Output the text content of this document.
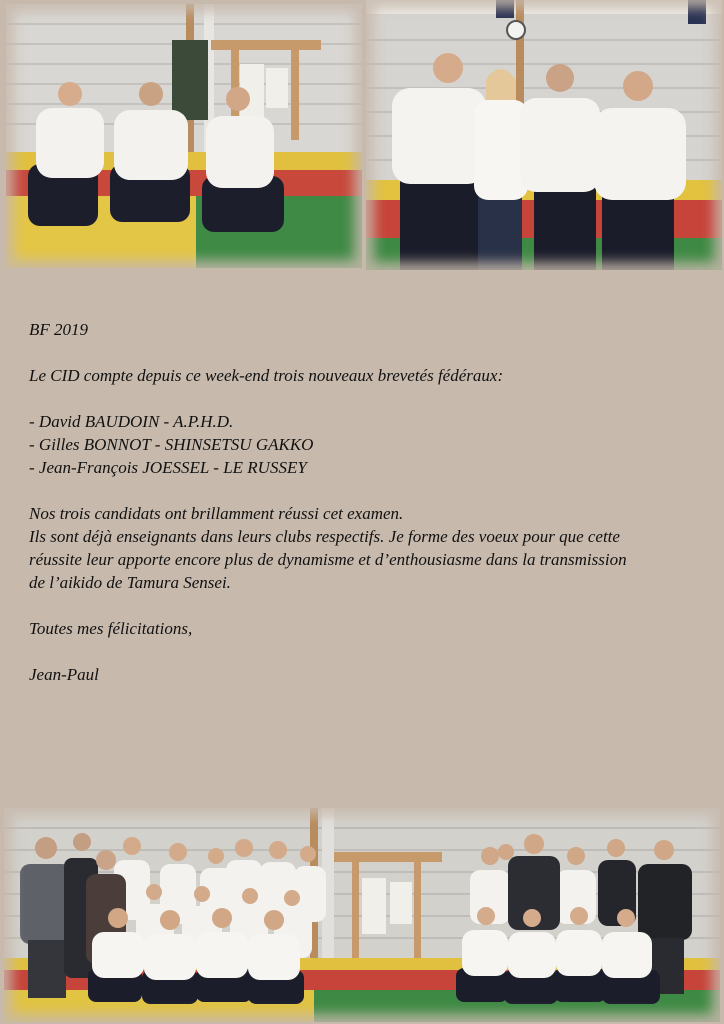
BF 2019

Le CID compte depuis ce week-end trois nouveaux brevetés fédéraux:

- David BAUDOIN - A.P.H.D.

- Gilles BONNOT - SHINSETSU GAKKO

- Jean-François JOESSEL - LE RUSSEY

Nos trois candidats ont brillamment réussi cet examen.

Ils sont déjà enseignants dans leurs clubs respectifs. Je forme des voeux pour que cette

réussite leur apporte encore plus de dynamisme et d’enthousiasme dans la transmission

de l’aikido de Tamura Sensei.

Toutes mes félicitations,

Jean-Paul
